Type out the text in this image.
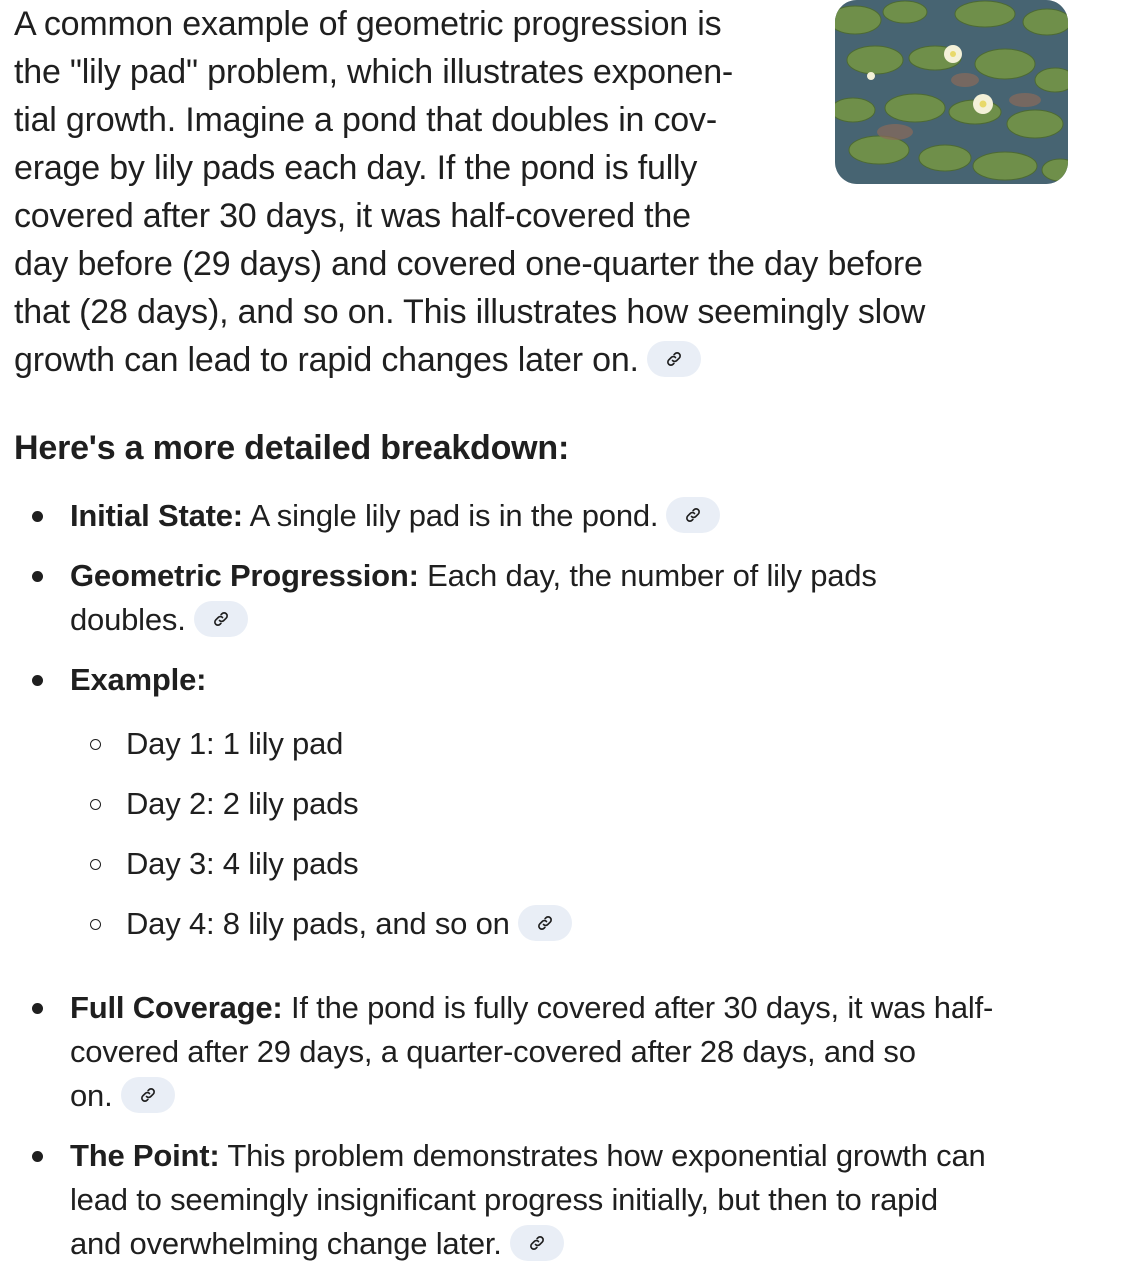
A common example of geometric progression is
the "lily pad" problem, which illustrates exponen-
tial growth. Imagine a pond that doubles in cov-
erage by lily pads each day. If the pond is fully
covered after 30 days, it was half-covered the
day before (29 days) and covered one-quarter the day before
that (28 days), and so on. This illustrates how seemingly slow
growth can lead to rapid changes later on.
Here's a more detailed breakdown:
Initial State: A single lily pad is in the pond.
Geometric Progression: Each day, the number of lily pads
doubles.
Example:
Day 1: 1 lily pad
Day 2: 2 lily pads
Day 3: 4 lily pads
Day 4: 8 lily pads, and so on
Full Coverage: If the pond is fully covered after 30 days, it was half-
covered after 29 days, a quarter-covered after 28 days, and so
on.
The Point: This problem demonstrates how exponential growth can
lead to seemingly insignificant progress initially, but then to rapid
and overwhelming change later.
